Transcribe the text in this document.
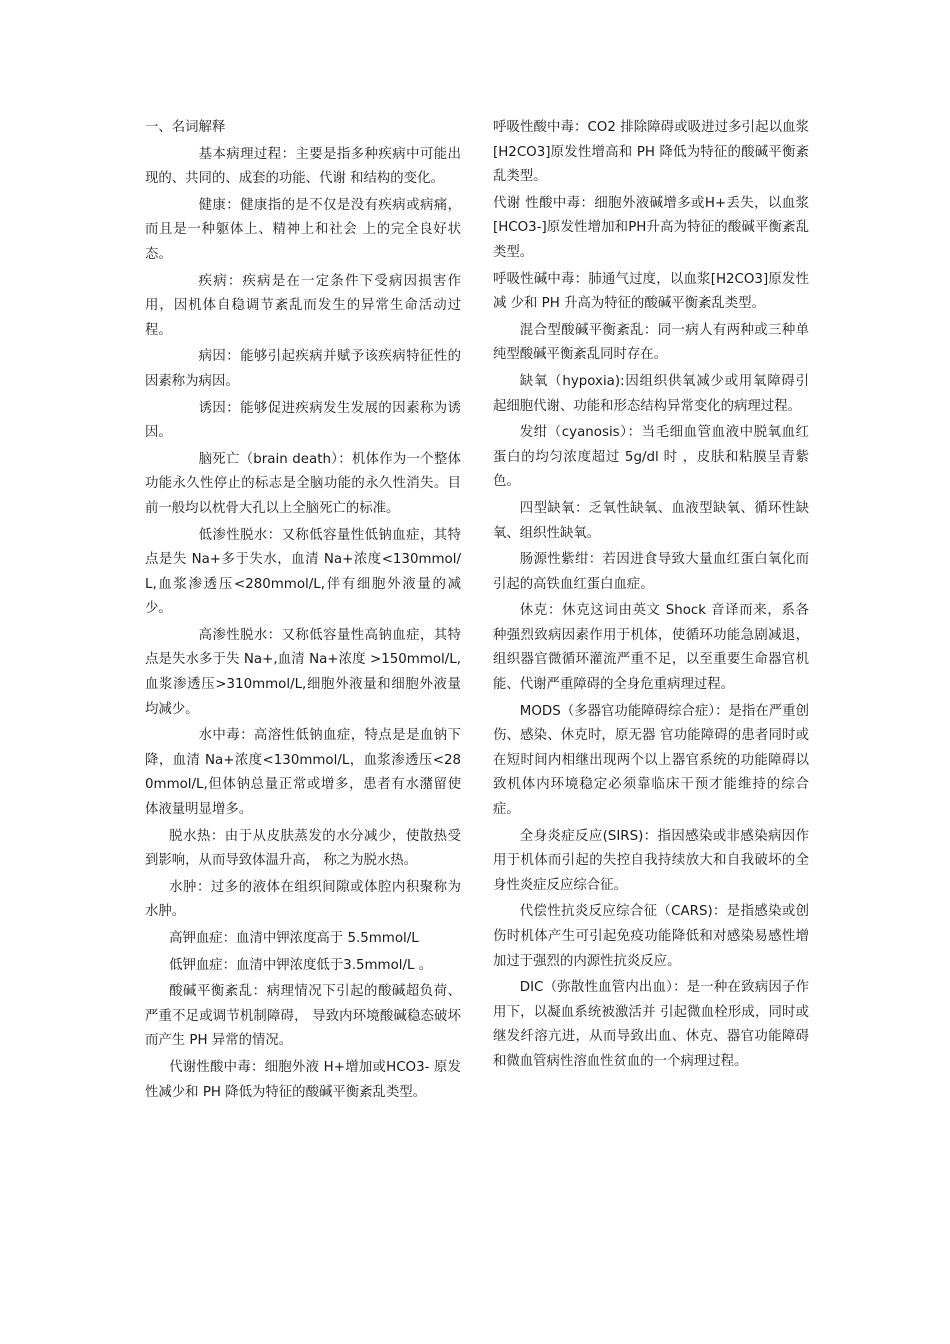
一、名词解释

基本病理过程：主要是指多种疾病中可能出现的、共同的、成套的功能、代谢 和结构的变化。

健康：健康指的是不仅是没有疾病或病痛，而且是一种躯体上、精神上和社会 上的完全良好状态。

疾病：疾病是在一定条件下受病因损害作用，因机体自稳调节紊乱而发生的异常生命活动过程。

病因：能够引起疾病并赋予该疾病特征性的因素称为病因。

诱因：能够促进疾病发生发展的因素称为诱因。

脑死亡（brain death）：机体作为一个整体功能永久性停止的标志是全脑功能的永久性消失。目前一般均以枕骨大孔以上全脑死亡的标准。

低渗性脱水：又称低容量性低钠血症，其特点是失 Na+多于失水，血清 Na+浓度<130mmol/L,血浆渗透压<280mmol/L,伴有细胞外液量的减少。

高渗性脱水：又称低容量性高钠血症，其特点是失水多于失 Na+,血清 Na+浓度 >150mmol/L,血浆渗透压>310mmol/L,细胞外液量和细胞外液量均减少。

水中毒：高溶性低钠血症，特点是是血钠下降，血清 Na+浓度<130mmol/L，血浆渗透压<280mmol/L,但体钠总量正常或增多，患者有水潴留使体液量明显增多。

脱水热：由于从皮肤蒸发的水分减少，使散热受到影响，从而导致体温升高， 称之为脱水热。

水肿：过多的液体在组织间隙或体腔内积聚称为水肿。

高钾血症：血清中钾浓度高于 5.5mmol/L

低钾血症：血清中钾浓度低于3.5mmol/L 。

酸碱平衡紊乱：病理情况下引起的酸碱超负荷、严重不足或调节机制障碍， 导致内环境酸碱稳态破坏而产生 PH 异常的情况。

代谢性酸中毒：细胞外液 H+增加或HCO3- 原发性减少和 PH 降低为特征的酸碱平衡紊乱类型。

呼吸性酸中毒：CO2 排除障碍或吸进过多引起以血浆[H2CO3]原发性增高和 PH 降低为特征的酸碱平衡紊乱类型。

代谢 性酸中毒：细胞外液碱增多或H+丢失，以血浆[HCO3-]原发性增加和PH升高为特征的酸碱平衡紊乱类型。

呼吸性碱中毒：肺通气过度，以血浆[H2CO3]原发性减 少和 PH 升高为特征的酸碱平衡紊乱类型。

混合型酸碱平衡紊乱：同一病人有两种或三种单纯型酸碱平衡紊乱同时存在。

缺氧（hypoxia):因组织供氧减少或用氧障碍引起细胞代谢、功能和形态结构异常变化的病理过程。

发绀（cyanosis）：当毛细血管血液中脱氧血红蛋白的均匀浓度超过 5g/dl 时 ，皮肤和粘膜呈青紫色。

四型缺氧：乏氧性缺氧、血液型缺氧、循环性缺氧、组织性缺氧。

肠源性紫绀：若因进食导致大量血红蛋白氧化而引起的高铁血红蛋白血症。

休克：休克这词由英文 Shock 音译而来，系各种强烈致病因素作用于机体，使循环功能急剧减退，组织器官微循环灌流严重不足，以至重要生命器官机能、代谢严重障碍的全身危重病理过程。

MODS（多器官功能障碍综合症）：是指在严重创伤、感染、休克时，原无器 官功能障碍的患者同时或在短时间内相继出现两个以上器官系统的功能障碍以致机体内环境稳定必须靠临床干预才能维持的综合症。

全身炎症反应(SIRS)：指因感染或非感染病因作用于机体而引起的失控自我持续放大和自我破坏的全身性炎症反应综合征。

代偿性抗炎反应综合征（CARS)：是指感染或创伤时机体产生可引起免疫功能降低和对感染易感性增加过于强烈的内源性抗炎反应。

DIC（弥散性血管内出血）：是一种在致病因子作用下，以凝血系统被激活并 引起微血栓形成，同时或继发纤溶亢进，从而导致出血、休克、器官功能障碍和微血管病性溶血性贫血的一个病理过程。
